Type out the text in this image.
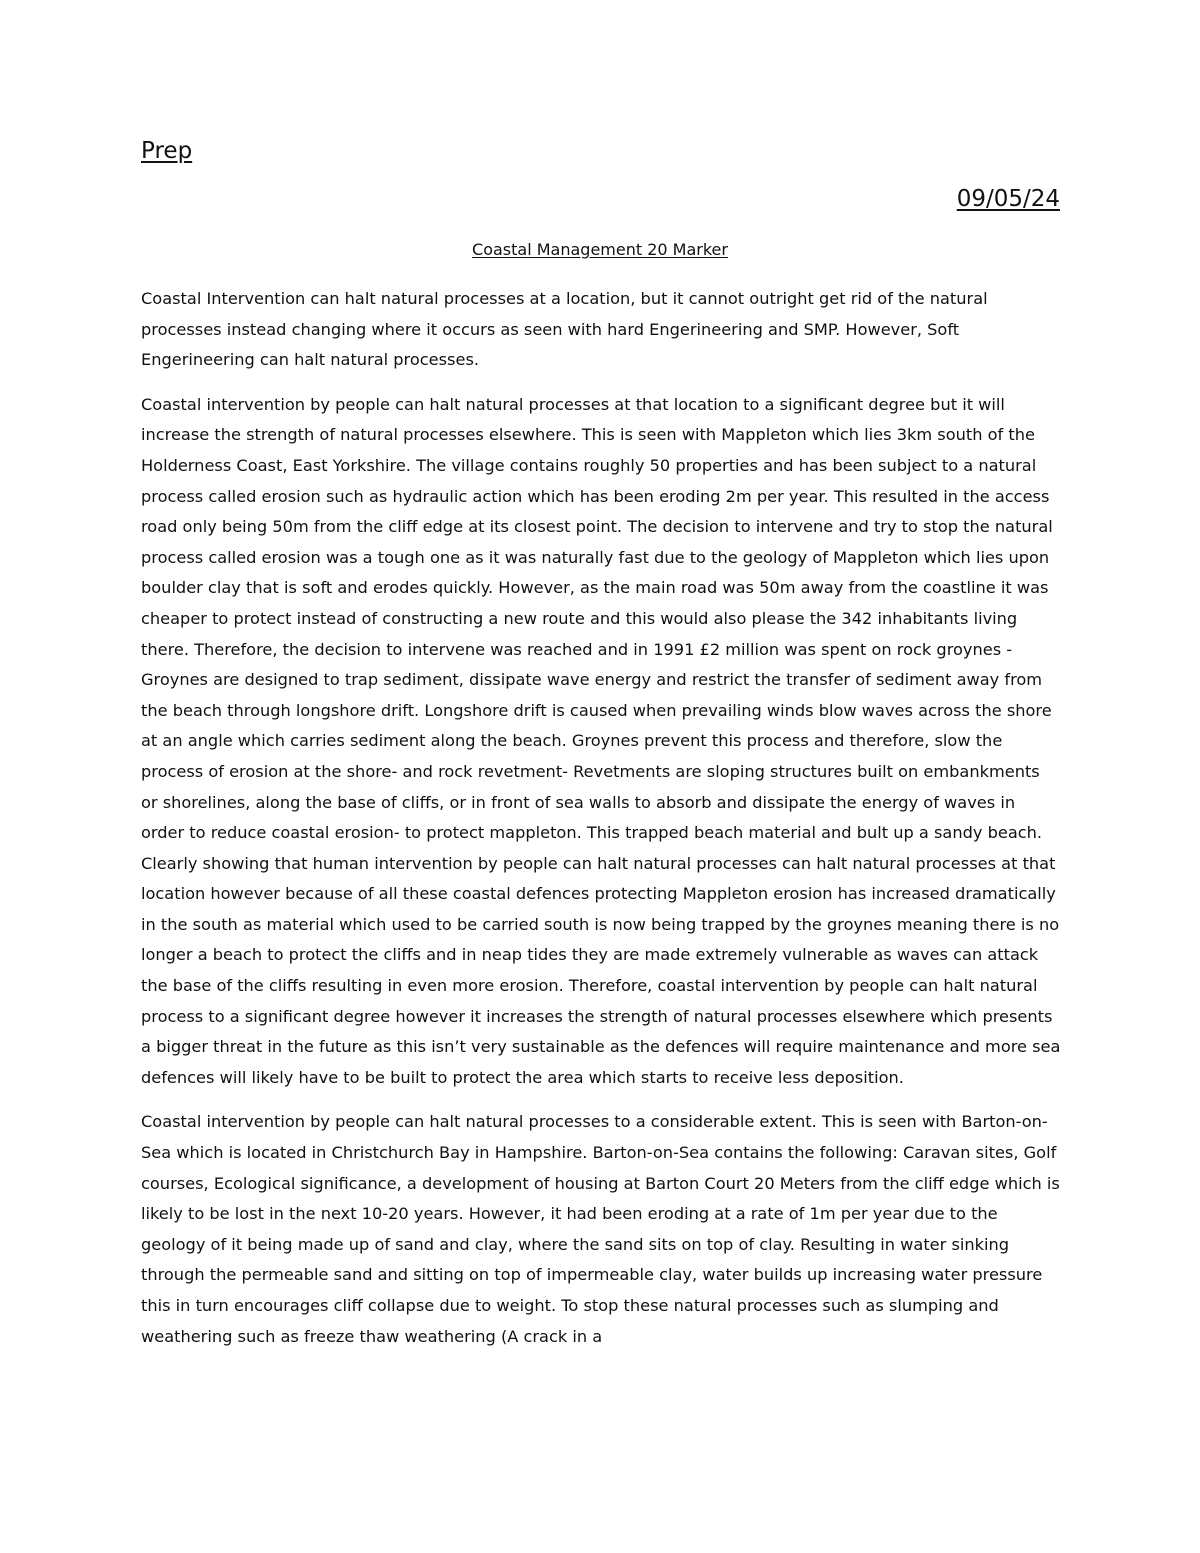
Prep
09/05/24
Coastal Management 20 Marker

Coastal Intervention can halt natural processes at a location, but it cannot outright get rid of the natural processes instead changing where it occurs as seen with hard Engerineering and SMP. However, Soft Engerineering can halt natural processes.

Coastal intervention by people can halt natural processes at that location to a significant degree but it will increase the strength of natural processes elsewhere. This is seen with Mappleton which lies 3km south of the Holderness Coast, East Yorkshire. The village contains roughly 50 properties and has been subject to a natural process called erosion such as hydraulic action which has been eroding 2m per year. This resulted in the access road only being 50m from the cliff edge at its closest point. The decision to intervene and try to stop the natural process called erosion was a tough one as it was naturally fast due to the geology of Mappleton which lies upon boulder clay that is soft and erodes quickly. However, as the main road was 50m away from the coastline it was cheaper to protect instead of constructing a new route and this would also please the 342 inhabitants living there. Therefore, the decision to intervene was reached and in 1991 £2 million was spent on rock groynes - Groynes are designed to trap sediment, dissipate wave energy and restrict the transfer of sediment away from the beach through longshore drift. Longshore drift is caused when prevailing winds blow waves across the shore at an angle which carries sediment along the beach. Groynes prevent this process and therefore, slow the process of erosion at the shore- and rock revetment- Revetments are sloping structures built on embankments or shorelines, along the base of cliffs, or in front of sea walls to absorb and dissipate the energy of waves in order to reduce coastal erosion- to protect mappleton. This trapped beach material and bult up a sandy beach. Clearly showing that human intervention by people can halt natural processes can halt natural processes at that location however because of all these coastal defences protecting Mappleton erosion has increased dramatically in the south as material which used to be carried south is now being trapped by the groynes meaning there is no longer a beach to protect the cliffs and in neap tides they are made extremely vulnerable as waves can attack the base of the cliffs resulting in even more erosion. Therefore, coastal intervention by people can halt natural process to a significant degree however it increases the strength of natural processes elsewhere which presents a bigger threat in the future as this isn’t very sustainable as the defences will require maintenance and more sea defences will likely have to be built to protect the area which starts to receive less deposition.

Coastal intervention by people can halt natural processes to a considerable extent. This is seen with Barton-on-Sea which is located in Christchurch Bay in Hampshire. Barton-on-Sea contains the following: Caravan sites, Golf courses, Ecological significance, a development of housing at Barton Court 20 Meters from the cliff edge which is likely to be lost in the next 10-20 years. However, it had been eroding at a rate of 1m per year due to the geology of it being made up of sand and clay, where the sand sits on top of clay. Resulting in water sinking through the permeable sand and sitting on top of impermeable clay, water builds up increasing water pressure this in turn encourages cliff collapse due to weight. To stop these natural processes such as slumping and weathering such as freeze thaw weathering (A crack in a
